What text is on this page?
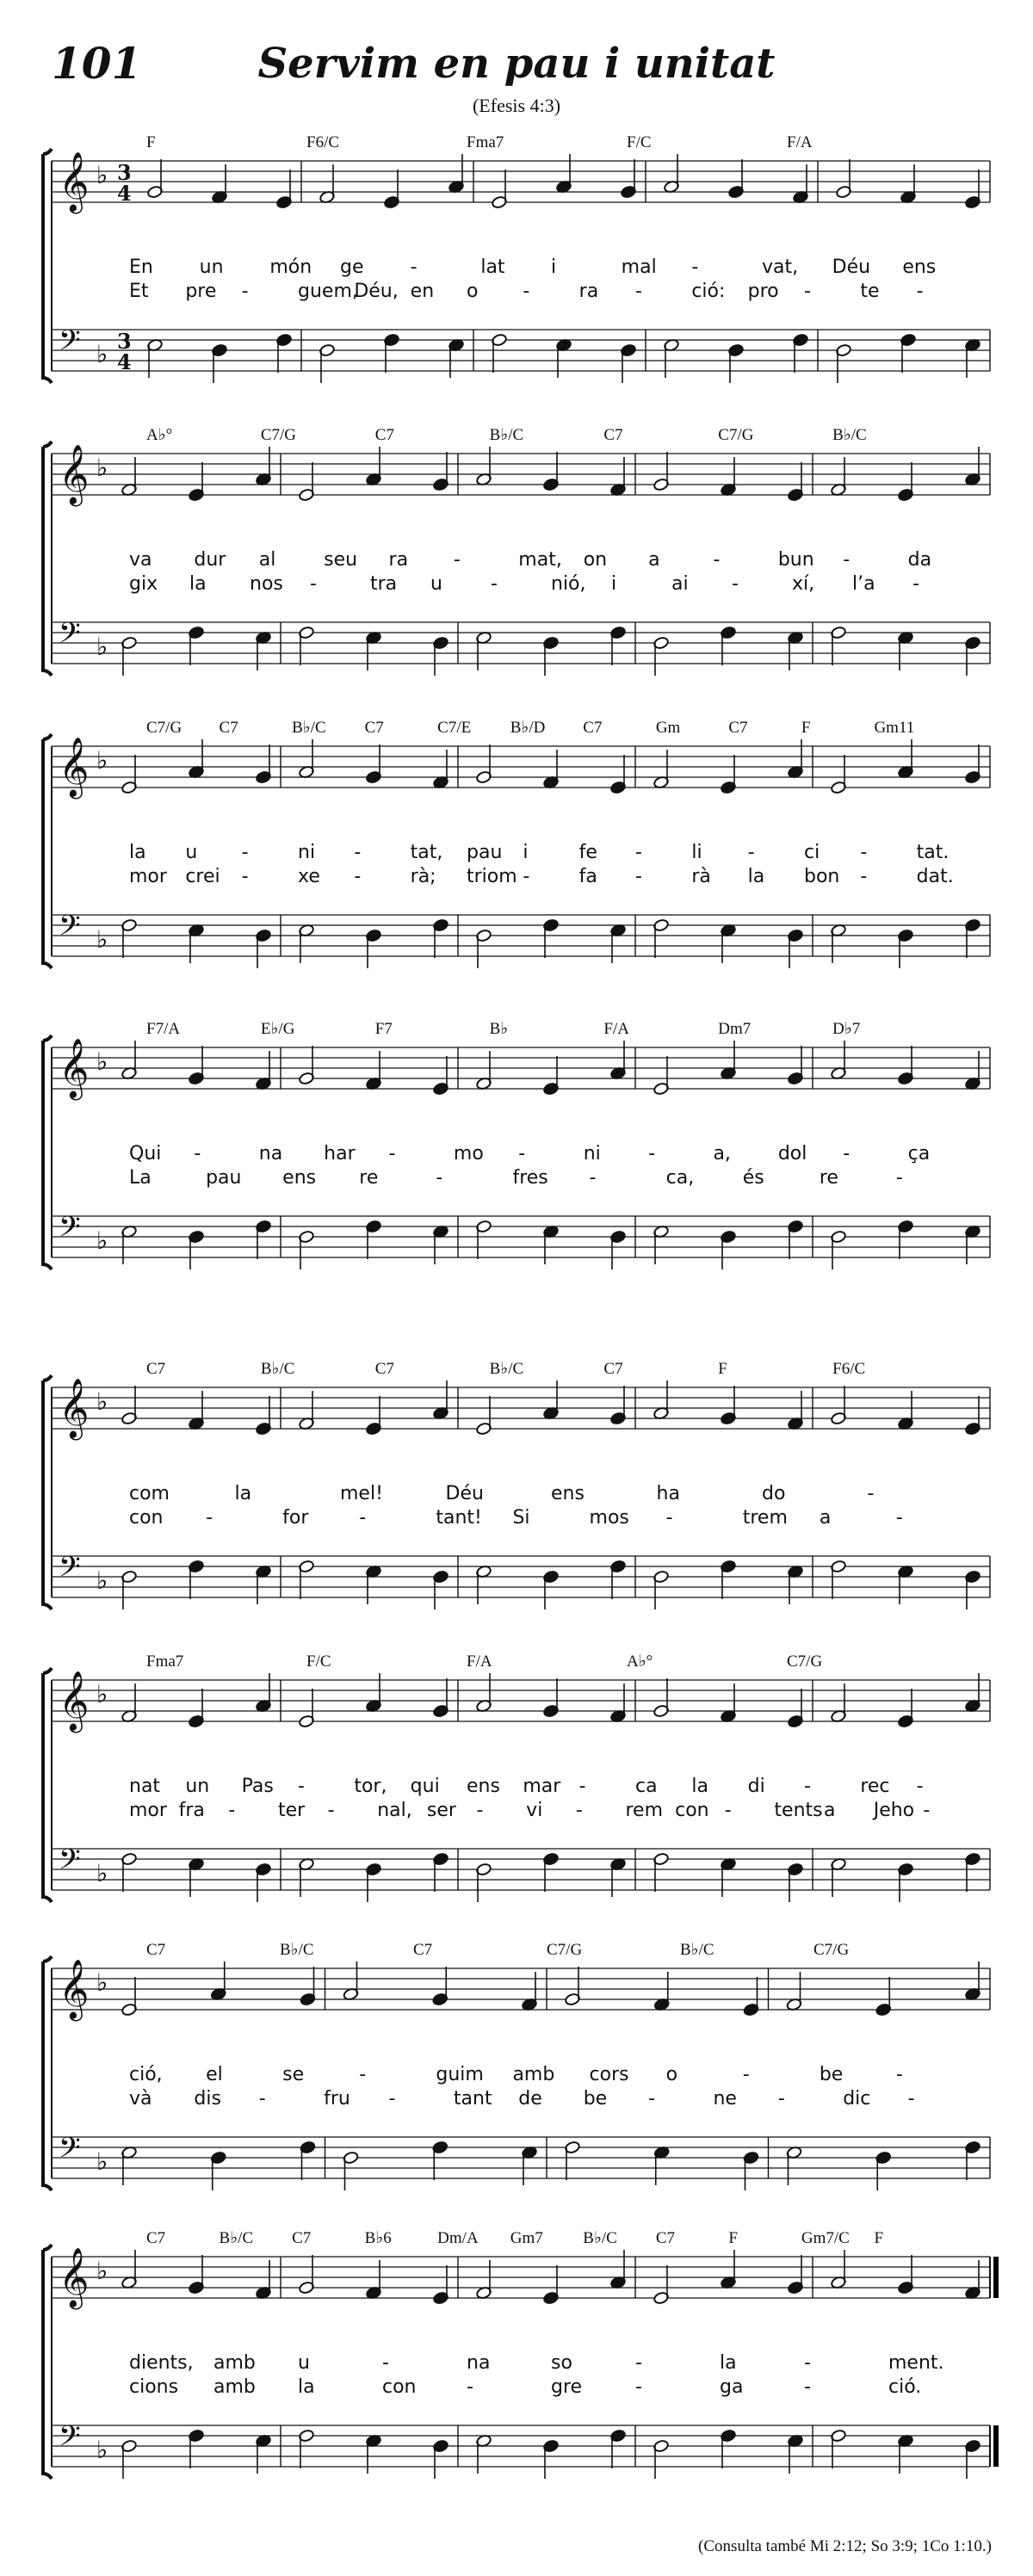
101	Servim en pau i unitat
(Efesis 4:3)
F	F6/C	Fma7	F/C	F/A
𝄞
𝄢
♭
♭
3
4
3
4
En un món ge -	lat i	mal -	vat, Déu ens
Et pre -	guem,
Déu, en o -	ra -	ció: pro -	te -
A♭°	C7/G	C7	B♭/C	C7	C7/G	B♭/C
𝄞
𝄢
♭
♭
va dur al	seu ra -	mat, on a	-	bun -	da
gix la nos -	tra u	-	nió, i	ai -	xí, l’a -
C7/G C7	B♭/C C7	C7/E B♭/D C7	Gm	C7	F	Gm11
𝄞
𝄢
♭
♭
la u -	ni -	tat, pau i	fe -	li -	ci -	tat.
mor crei -	xe -	rà; triom -	fa -	rà la bon -	dat.
F7/A	E♭/G	F7	B♭	F/A	Dm7	D♭7
𝄞
𝄢
♭
♭
Qui -	na har -	mo -	ni	-	a, dol -	ça
La	pau ens re	-	fres -	ca,	és	re	-
C7	B♭/C	C7	B♭/C	C7	F	F6/C
𝄞
𝄢
♭
♭
com	la	mel!	Déu	ens	ha	do	-
con -	for	-	tant! Si	mos -	trem a	-
Fma7	F/C	F/A	A♭°	C7/G
𝄞
𝄢
♭
♭
nat un Pas -	tor, qui ens mar -	ca la di -	rec -
mor fra - ter - nal, ser - vi - rem con - tents a Jeho -
C7	B♭/C	C7	C7/G	B♭/C	C7/G
𝄞
𝄢
♭
♭
ció, el	se	-	guim amb cors o	-	be	-
và dis -	fru -	tant de be -	ne -	dic -
C7	B♭/C C7	B♭6	Dm/A Gm7 B♭/C C7	F	Gm7/C F
𝄞
𝄢
♭
♭
dients, amb u	-	na	so	-	la	-	ment.
cions amb la	con	-	gre	-	ga	-	ció.
(Consulta també Mi 2:12; So 3:9; 1Co 1:10.)
